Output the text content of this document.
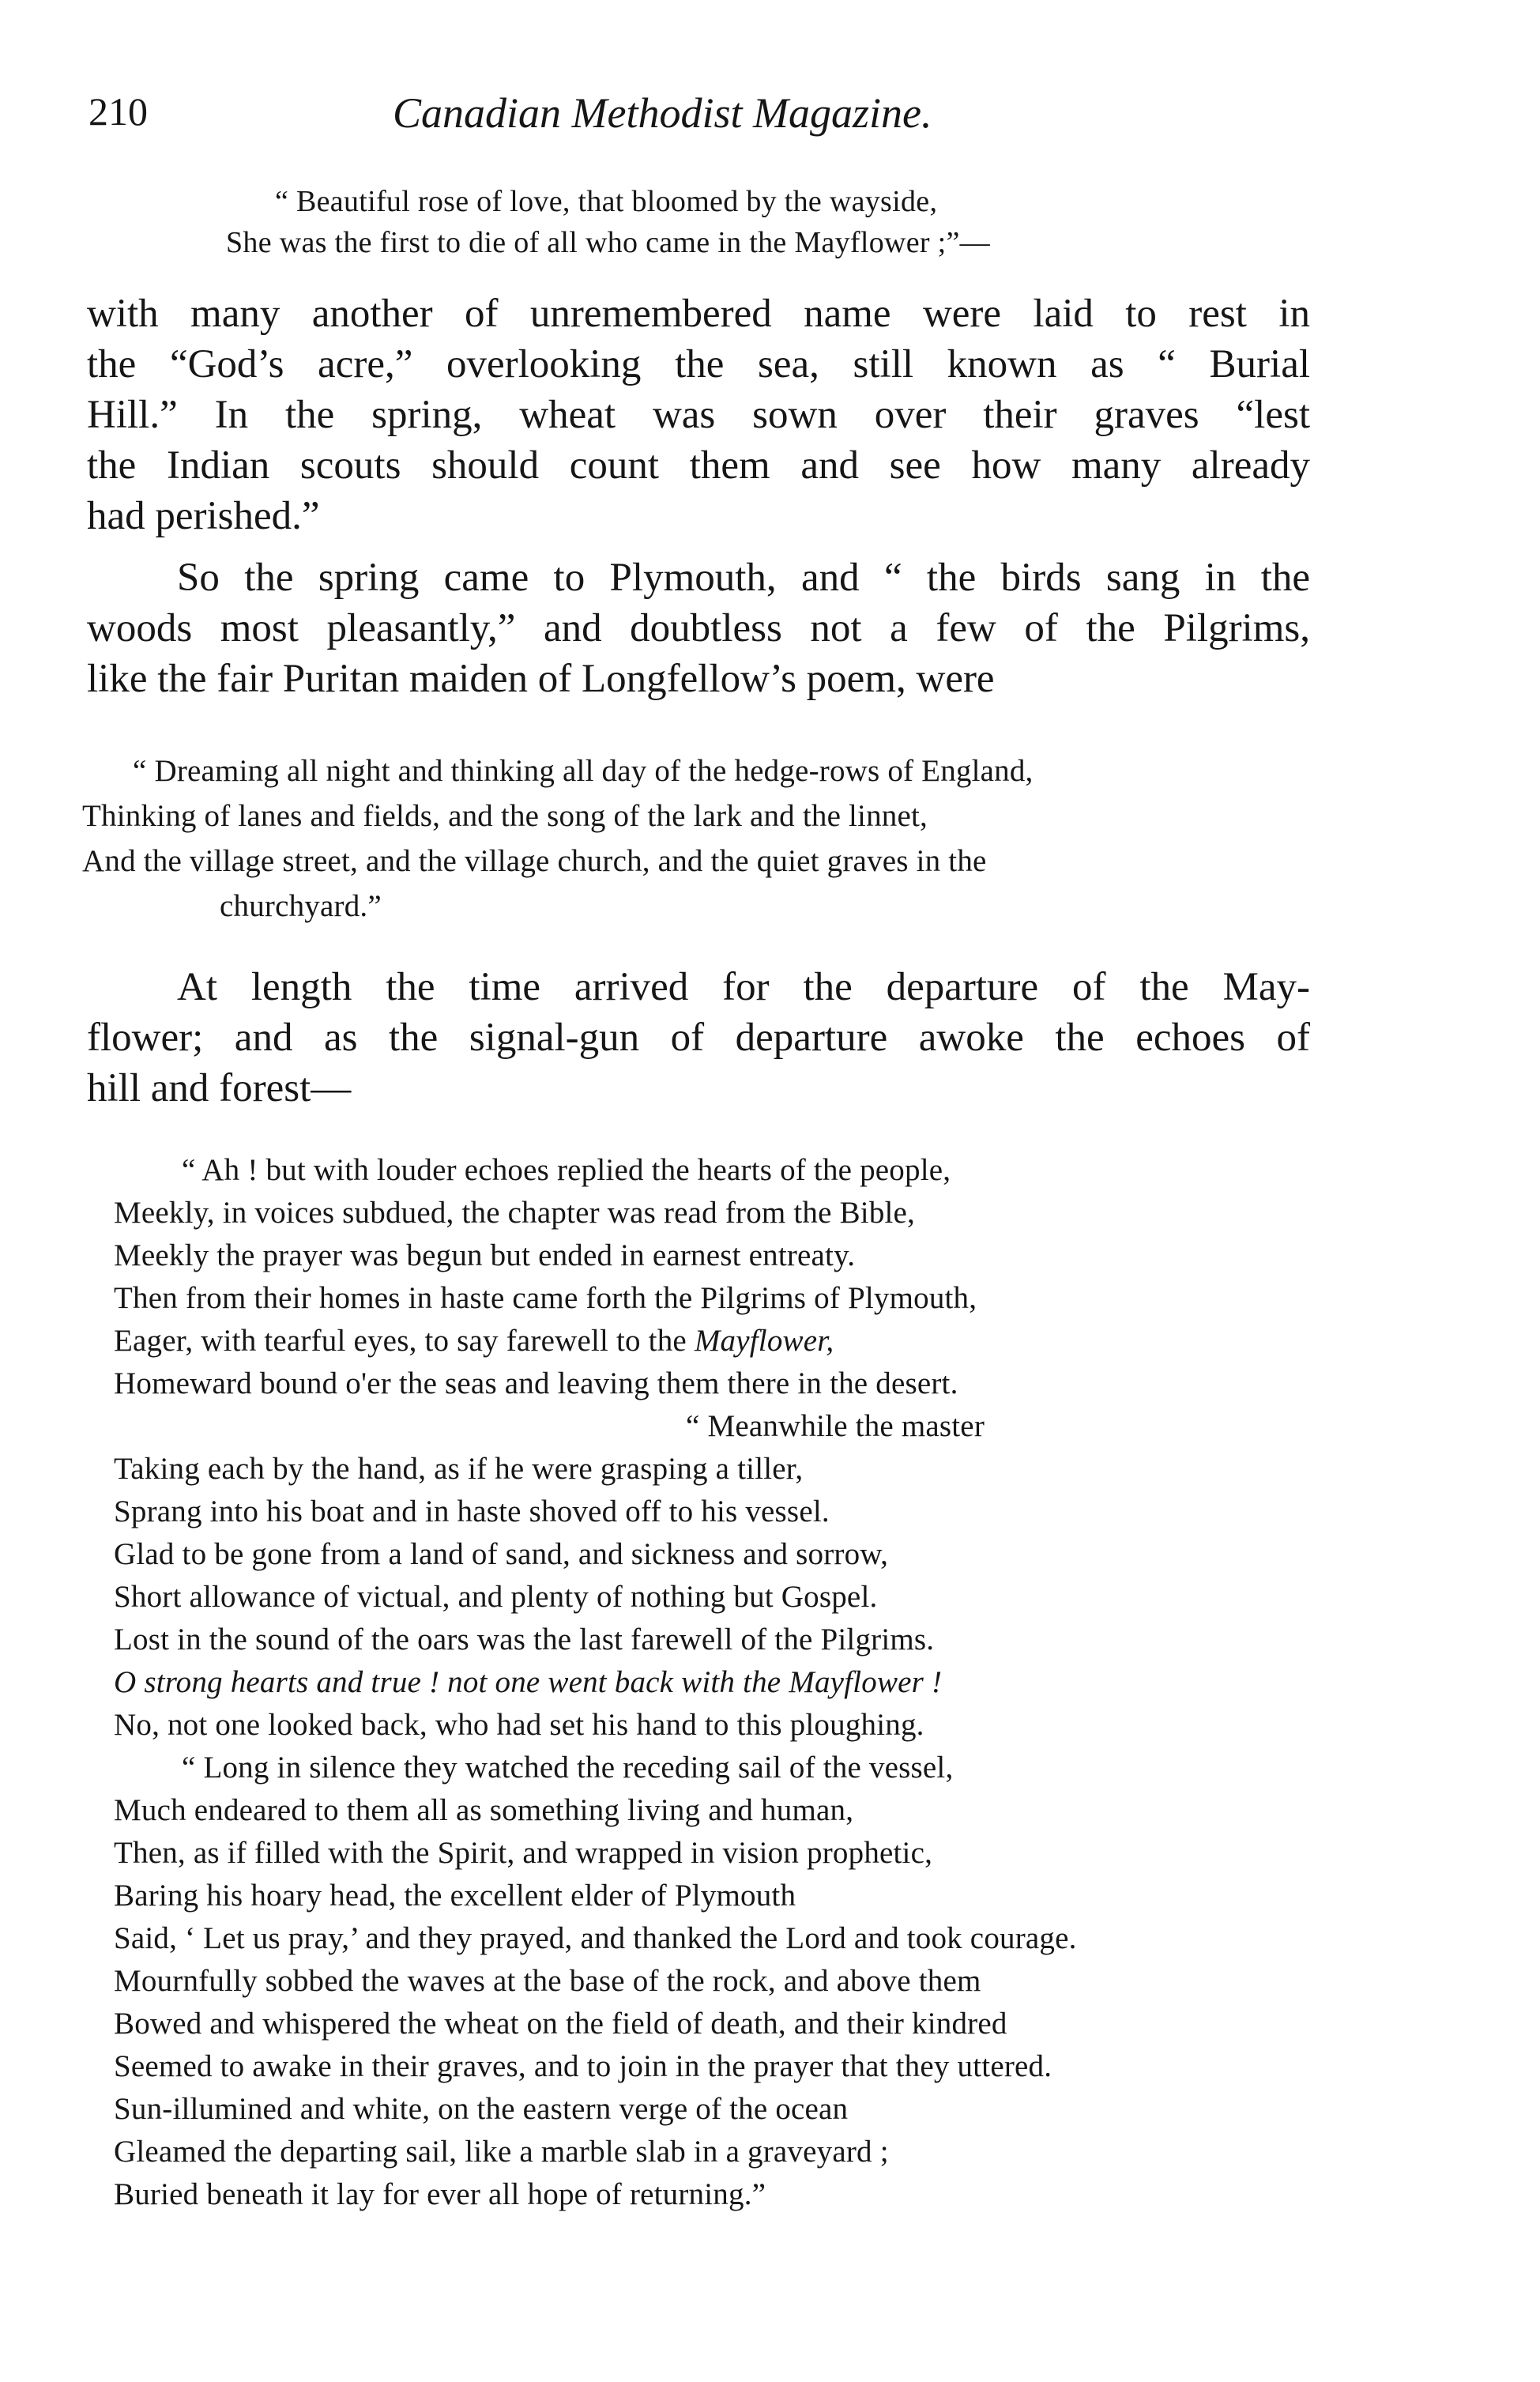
210	Canadian Methodist Magazine.
“ Beautiful rose of love, that bloomed by the wayside,
She was the first to die of all who came in the Mayflower ;”—
with many another of unremembered name were laid to rest in
the “God’s acre,” overlooking the sea, still known as “ Burial
Hill.” In the spring, wheat was sown over their graves “lest
the Indian scouts should count them and see how many already
had perished.”
So the spring came to Plymouth, and “ the birds sang in the
woods most pleasantly,” and doubtless not a few of the Pilgrims,
like the fair Puritan maiden of Longfellow’s poem, were
“ Dreaming all night and thinking all day of the hedge-rows of England,
Thinking of lanes and fields, and the song of the lark and the linnet,
And the village street, and the village church, and the quiet graves in the
churchyard.”
At length the time arrived for the departure of the May-
flower; and as the signal-gun of departure awoke the echoes of
hill and forest—
“ Ah ! but with louder echoes replied the hearts of the people,
Meekly, in voices subdued, the chapter was read from the Bible,
Meekly the prayer was begun but ended in earnest entreaty.
Then from their homes in haste came forth the Pilgrims of Plymouth,
Eager, with tearful eyes, to say farewell to the Mayflower,
Homeward bound o'er the seas and leaving them there in the desert.
“ Meanwhile the master
Taking each by the hand, as if he were grasping a tiller,
Sprang into his boat and in haste shoved off to his vessel.
Glad to be gone from a land of sand, and sickness and sorrow,
Short allowance of victual, and plenty of nothing but Gospel.
Lost in the sound of the oars was the last farewell of the Pilgrims.
O strong hearts and true ! not one went back with the Mayflower !
No, not one looked back, who had set his hand to this ploughing.
“ Long in silence they watched the receding sail of the vessel,
Much endeared to them all as something living and human,
Then, as if filled with the Spirit, and wrapped in vision prophetic,
Baring his hoary head, the excellent elder of Plymouth
Said, ‘ Let us pray,’ and they prayed, and thanked the Lord and took courage.
Mournfully sobbed the waves at the base of the rock, and above them
Bowed and whispered the wheat on the field of death, and their kindred
Seemed to awake in their graves, and to join in the prayer that they uttered.
Sun-illumined and white, on the eastern verge of the ocean
Gleamed the departing sail, like a marble slab in a graveyard ;
Buried beneath it lay for ever all hope of returning.”
